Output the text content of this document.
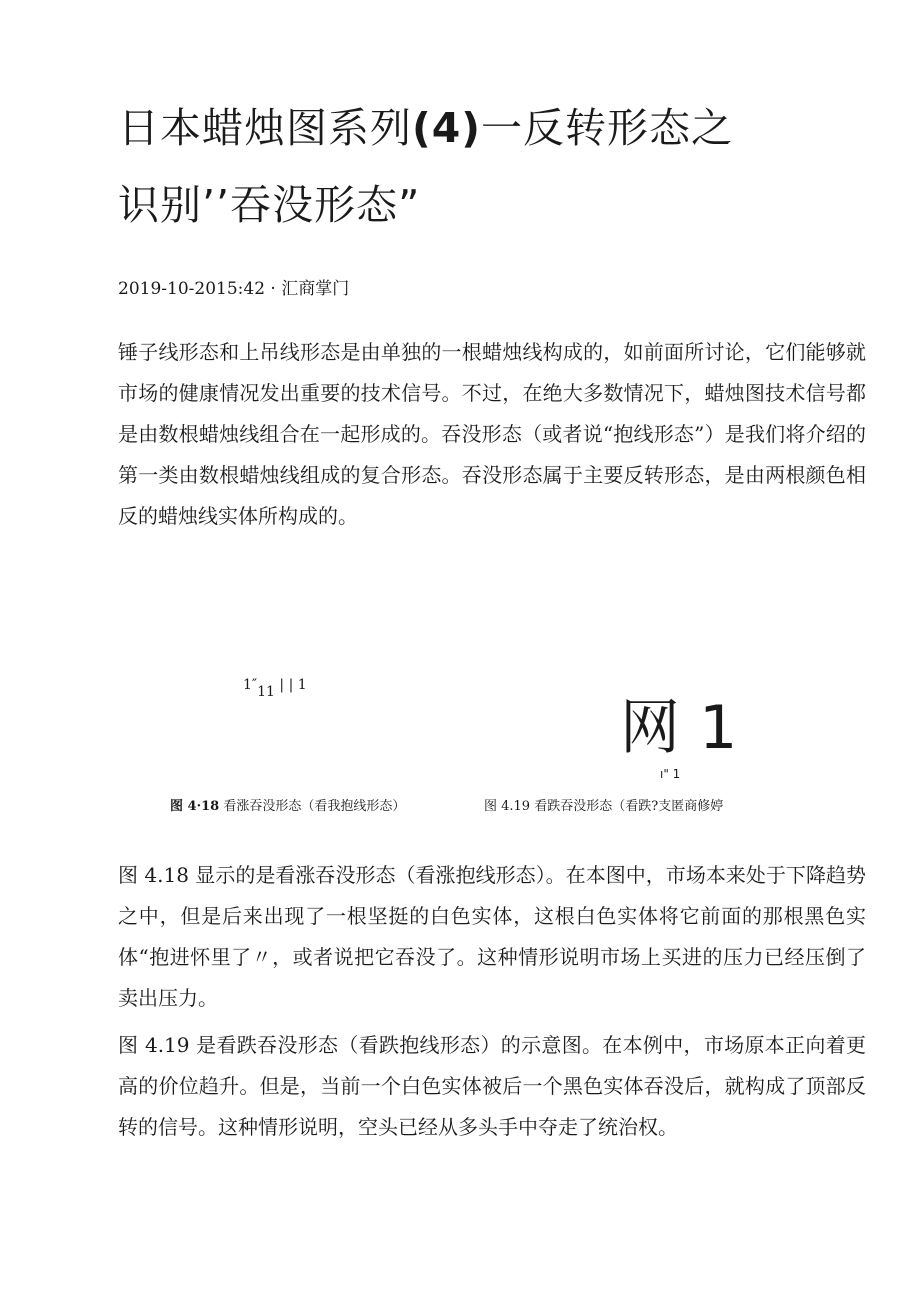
日本蜡烛图系列(4)一反转形态之
识别’’吞没形态”
2019-10-2015:42 · 汇商掌门

锤子线形态和上吊线形态是由单独的一根蜡烛线构成的，如前面所讨论，它们能够就市场的健康情况发出重要的技术信号。不过，在绝大多数情况下，蜡烛图技术信号都是由数根蜡烛线组合在一起形成的。吞没形态（或者说“抱线形态”）是我们将介绍的第一类由数根蜡烛线组成的复合形态。吞没形态属于主要反转形态，是由两根颜色相反的蜡烛线实体所构成的。

1″11 | | 1
网 1
ı" 1
图 4·18 看涨吞没形态（看我抱线形态）	图 4.19 看跌吞没形态（看跌?支匿商修婷

图 4.18 显示的是看涨吞没形态（看涨抱线形态）。在本图中，市场本来处于下降趋势之中，但是后来出现了一根坚挺的白色实体，这根白色实体将它前面的那根黑色实体“抱进怀里了〃，或者说把它吞没了。这种情形说明市场上买进的压力已经压倒了卖出压力。

图 4.19 是看跌吞没形态（看跌抱线形态）的示意图。在本例中，市场原本正向着更高的价位趋升。但是，当前一个白色实体被后一个黑色实体吞没后，就构成了顶部反转的信号。这种情形说明，空头已经从多头手中夺走了统治权。
